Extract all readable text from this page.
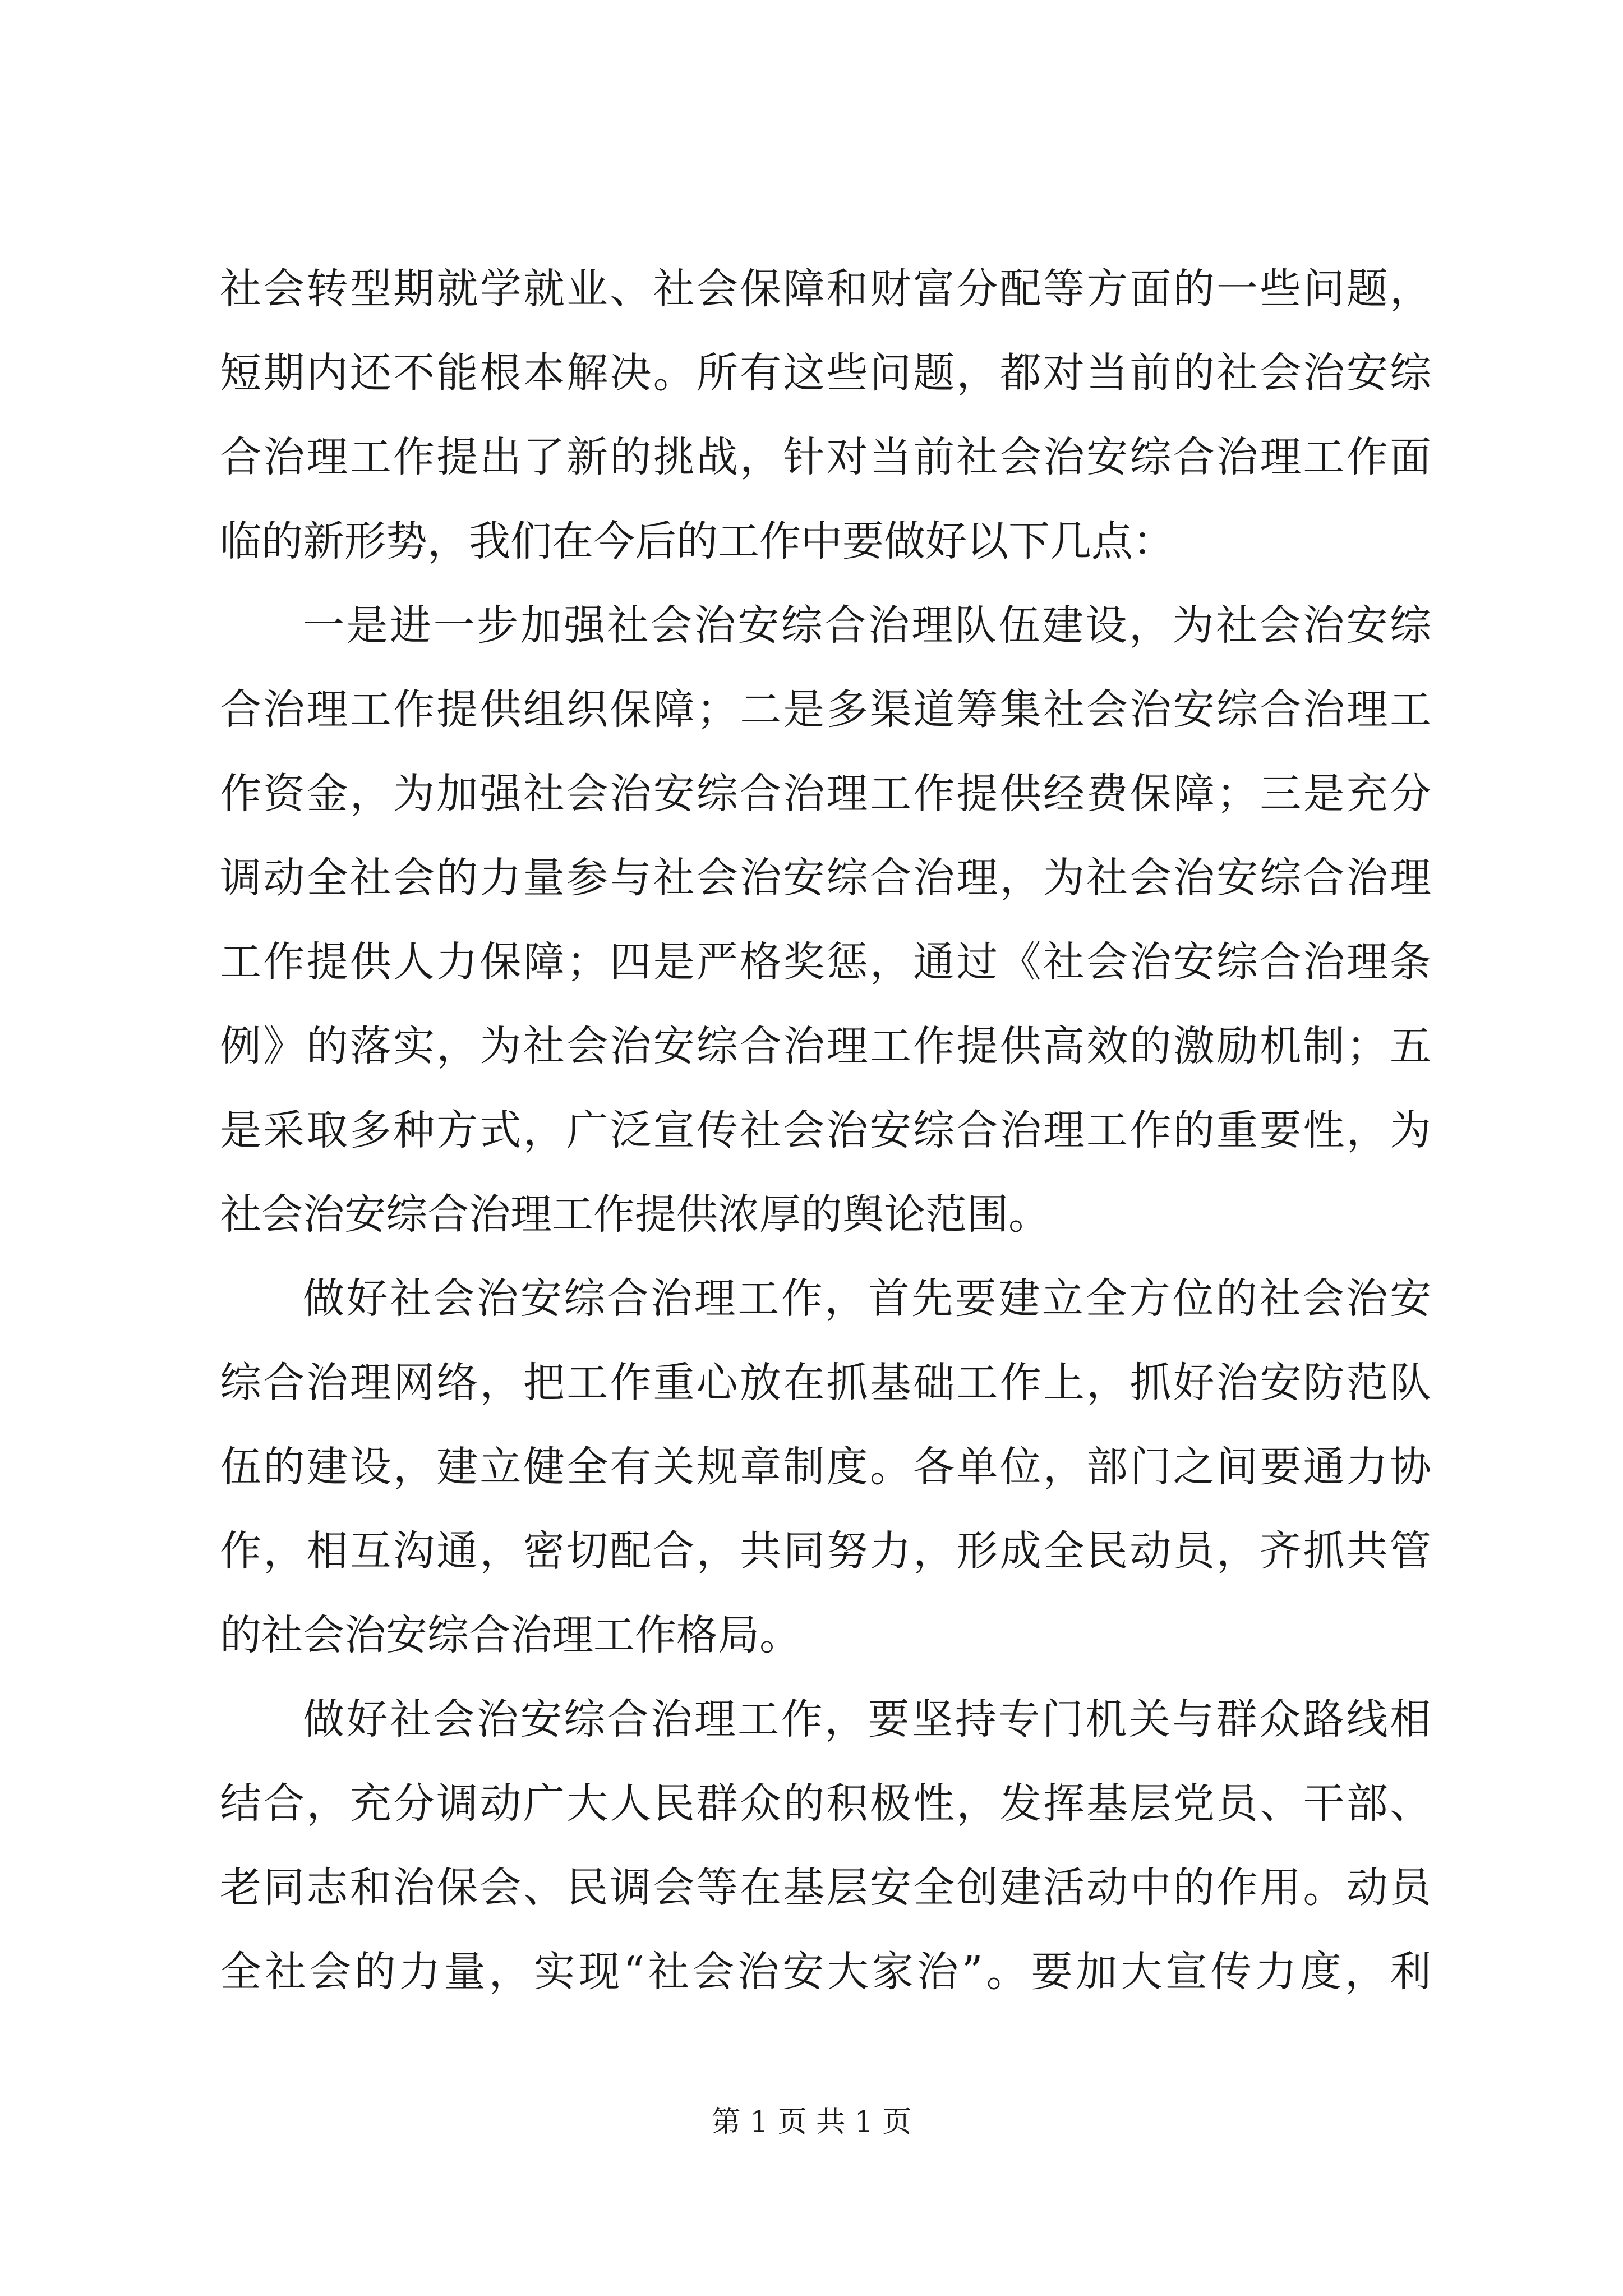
社会转型期就学就业、社会保障和财富分配等方面的一些问题，
短期内还不能根本解决。所有这些问题，都对当前的社会治安综
合治理工作提出了新的挑战，针对当前社会治安综合治理工作面
临的新形势，我们在今后的工作中要做好以下几点：
一是进一步加强社会治安综合治理队伍建设，为社会治安综
合治理工作提供组织保障；二是多渠道筹集社会治安综合治理工
作资金，为加强社会治安综合治理工作提供经费保障；三是充分
调动全社会的力量参与社会治安综合治理，为社会治安综合治理
工作提供人力保障；四是严格奖惩，通过《社会治安综合治理条
例》的落实，为社会治安综合治理工作提供高效的激励机制；五
是采取多种方式，广泛宣传社会治安综合治理工作的重要性，为
社会治安综合治理工作提供浓厚的舆论范围。
做好社会治安综合治理工作，首先要建立全方位的社会治安
综合治理网络，把工作重心放在抓基础工作上，抓好治安防范队
伍的建设，建立健全有关规章制度。各单位，部门之间要通力协
作，相互沟通，密切配合，共同努力，形成全民动员，齐抓共管
的社会治安综合治理工作格局。
做好社会治安综合治理工作，要坚持专门机关与群众路线相
结合，充分调动广大人民群众的积极性，发挥基层党员、干部、
老同志和治保会、民调会等在基层安全创建活动中的作用。动员
全社会的力量，实现“社会治安大家治”。要加大宣传力度，利
第 1 页 共 1 页
